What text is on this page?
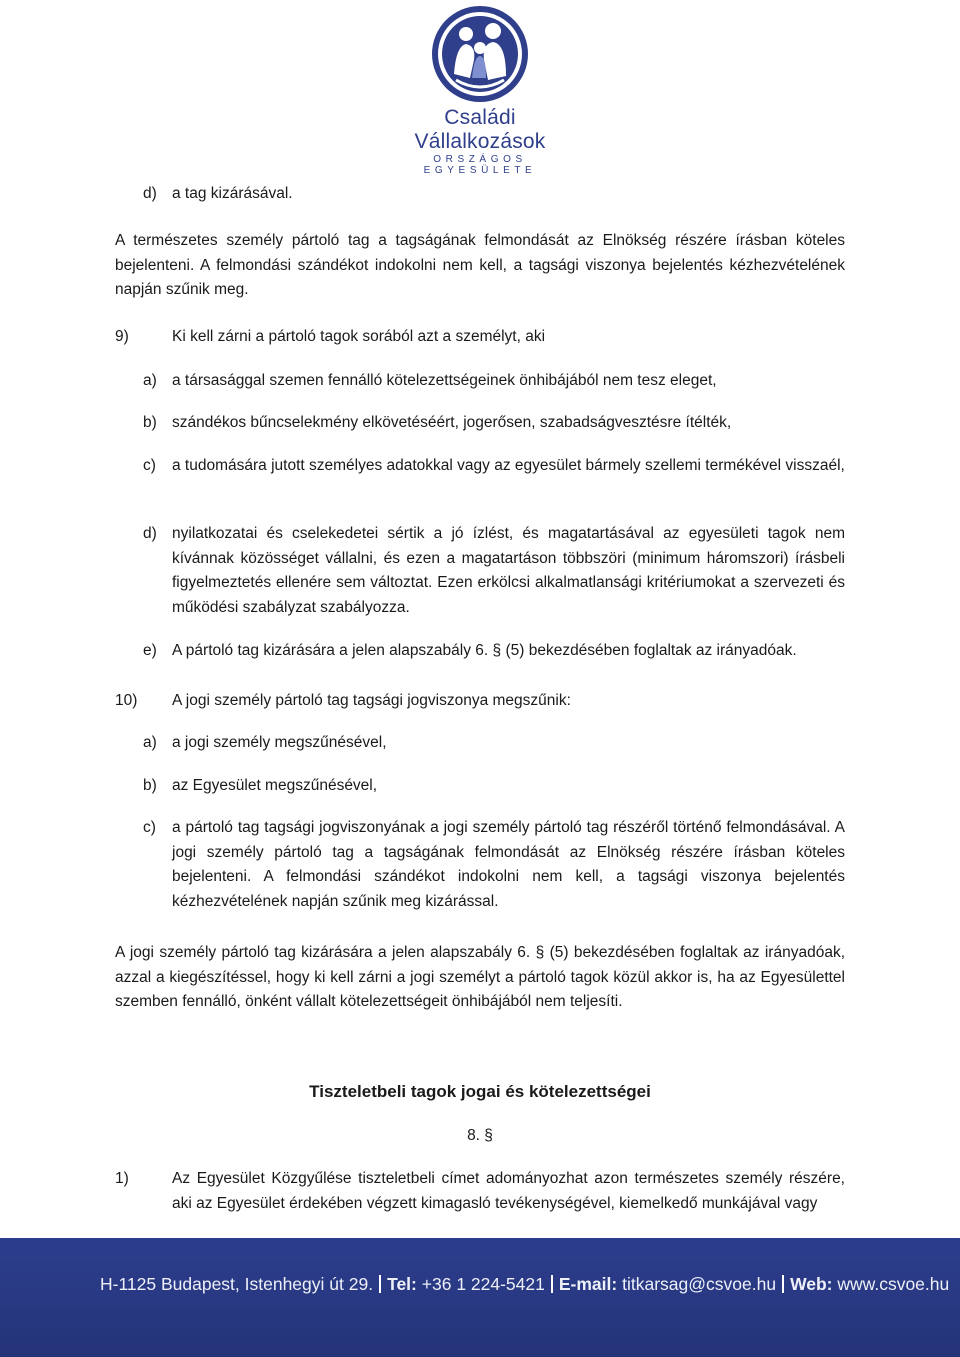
Családi Vállalkozások
ORSZÁGOS EGYESÜLETE
d) a tag kizárásával.
A természetes személy pártoló tag a tagságának felmondását az Elnökség részére írásban köteles bejelenteni. A felmondási szándékot indokolni nem kell, a tagsági viszonya bejelentés kézhezvételének napján szűnik meg.
9)	Ki kell zárni a pártoló tagok sorából azt a személyt, aki
a) a társasággal szemen fennálló kötelezettségeinek önhibájából nem tesz eleget,
b) szándékos bűncselekmény elkövetéséért, jogerősen, szabadságvesztésre ítélték,
c) a tudomására jutott személyes adatokkal vagy az egyesület bármely szellemi termékével visszaél,
d) nyilatkozatai és cselekedetei sértik a jó ízlést, és magatartásával az egyesületi tagok nem kívánnak közösséget vállalni, és ezen a magatartáson többszöri (minimum háromszori) írásbeli figyelmeztetés ellenére sem változtat. Ezen erkölcsi alkalmatlansági kritériumokat a szervezeti és működési szabályzat szabályozza.
e) A pártoló tag kizárására a jelen alapszabály 6. § (5) bekezdésében foglaltak az irányadóak.
10) A jogi személy pártoló tag tagsági jogviszonya megszűnik:
a) a jogi személy megszűnésével,
b) az Egyesület megszűnésével,
c) a pártoló tag tagsági jogviszonyának a jogi személy pártoló tag részéről történő felmondásával. A jogi személy pártoló tag a tagságának felmondását az Elnökség részére írásban köteles bejelenteni. A felmondási szándékot indokolni nem kell, a tagsági viszonya bejelentés kézhezvételének napján szűnik meg kizárással.
A jogi személy pártoló tag kizárására a jelen alapszabály 6. § (5) bekezdésében foglaltak az irányadóak, azzal a kiegészítéssel, hogy ki kell zárni a jogi személyt a pártoló tagok közül akkor is, ha az Egyesülettel szemben fennálló, önként vállalt kötelezettségeit önhibájából nem teljesíti.
Tiszteletbeli tagok jogai és kötelezettségei
8. §
1)	Az Egyesület Közgyűlése tiszteletbeli címet adományozhat azon természetes személy részére, aki az Egyesület érdekében végzett kimagasló tevékenységével, kiemelkedő munkájával vagy
H-1125 Budapest, Istenhegyi út 29. Tel: +36 1 224-5421 E-mail: titkarsag@csvoe.hu Web: www.csvoe.hu
